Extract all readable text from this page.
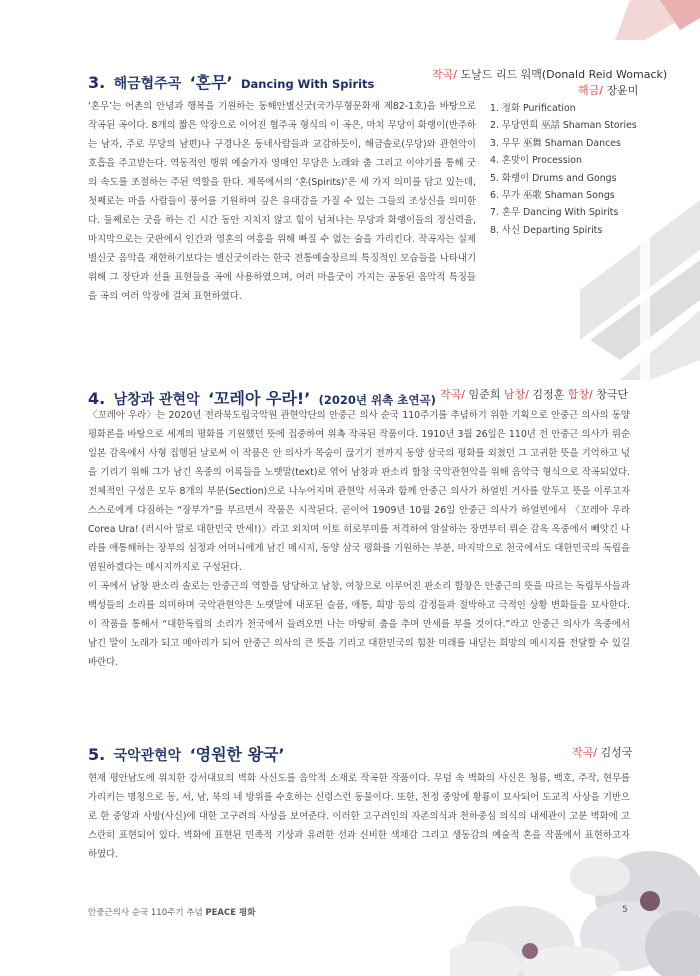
3. 해금협주곡 ‘혼무’ Dancing With Spirits
작곡/ 도날드 리드 워맥(Donald Reid Womack)
해금/ 장윤미

‘혼무’는 어촌의 안녕과 행복을 기원하는 동해안별신굿(국가무형문화재 제82-1호)을 바탕으로 작곡된 곡이다. 8개의 짧은 악장으로 이어진 협주곡 형식의 이 곡은, 마치 무당이 화랭이(반주하는 남자, 주로 무당의 남편)나 구경나온 동네사람들과 교감하듯이, 해금솔로(무당)와 관현악이 호흡을 주고받는다. 역동적인 행위 예술가자 영매인 무당은 노래와 춤 그리고 이야기를 통해 굿의 속도를 조절하는 주된 역할을 한다. 제목에서의 ‘혼(Spirits)’은 세 가지 의미를 담고 있는데, 첫째로는 마을 사람들이 풍어를 기원하며 깊은 유대감을 가질 수 있는 그들의 조상신을 의미한다. 둘째로는 굿을 하는 긴 시간 동안 지치지 않고 힘이 넘쳐나는 무당과 화랭이들의 정신력을, 마지막으로는 굿판에서 인간과 영혼의 여흥을 위해 빠질 수 없는 술을 가리킨다. 작곡자는 실제 별신굿 음악을 재현하기보다는 별신굿이라는 한국 전통예술장르의 특징적인 모습들을 나타내기 위해 그 장단과 선율 표현들을 곡에 사용하였으며, 여러 마을굿이 가지는 공동된 음악적 특징들을 곡의 여러 악장에 걸쳐 표현하였다.

1. 정화 Purification
2. 무당연희 巫話 Shaman Stories
3. 무무 巫舞 Shaman Dances
4. 혼맞이 Procession
5. 화랭이 Drums and Gongs
6. 무가 巫歌 Shaman Songs
7. 혼무 Dancing With Spirits
8. 사신 Departing Spirits
4. 남창과 관현악 ‘꼬레아 우라!’ (2020년 위촉 초연곡) 작곡/ 임준희 남창/ 김정훈 합창/ 창극단

〈꼬레아 우라〉는 2020년 전라북도립국악원 관현악단의 안중근 의사 순국 110주기를 추념하기 위한 기획으로 안중근 의사의 동양평화론을 바탕으로 세계의 평화를 기원했던 뜻에 집중하여 위촉 작곡된 작품이다. 1910년 3월 26일은 110년 전 안중근 의사가 뤼순 일본 감옥에서 사형 집행된 날로써 이 작품은 안 의사가 목숨이 끊기기 전까지 동양 삼국의 평화를 외쳤던 그 고귀한 뜻을 기억하고 넋을 기리기 위해 그가 남긴 옥중의 어록들을 노랫말(text)로 엮어 남창과 판소리 합창 국악관현악을 위해 음악극 형식으로 작곡되었다. 전체적인 구성은 모두 8개의 부분(Section)으로 나누어지며 관현악 서곡과 함께 안중근 의사가 하얼빈 거사를 앞두고 뜻을 이루고자 스스로에게 다짐하는 “장부가”를 부르면서 작품은 시작된다. 곧이어 1909년 10월 26일 안중근 의사가 하얼빈에서 〈꼬레아 우라 Corea Ura! (러시아 말로 대한민국 만세!)〉라고 외치며 이토 히로부미를 저격하여 암살하는 장면부터 뤼순 감옥 옥중에서 빼앗긴 나라를 애통해하는 장부의 심정과 어머니에게 남긴 메시지, 동양 삼국 평화를 기원하는 부분, 마지막으로 천국에서도 대한민국의 독립을 염원하겠다는 메시지까지로 구성된다.

이 곡에서 남창 판소리 솔로는 안중근의 역할을 담당하고 남창, 여창으로 이루어진 판소리 합창은 안중근의 뜻을 따르는 독립투사들과 백성들의 소리를 의미하며 국악관현악은 노랫말에 내포된 슬픔, 애통, 희망 등의 감정들과 절박하고 극적인 상황 변화들을 묘사한다. 이 작품을 통해서 “대한독립의 소리가 천국에서 들려오면 나는 마땅히 춤을 추며 만세를 부를 것이다.”라고 안중근 의사가 옥중에서 남긴 말이 노래가 되고 메아리가 되어 안중근 의사의 큰 뜻을 기리고 대한민국의 힘찬 미래를 내딛는 희망의 메시지를 전달할 수 있길 바란다.

5. 국악관현악 ‘영원한 왕국’	작곡/ 김성국

현재 평안남도에 위치한 강서대묘의 벽화 사신도를 음악적 소재로 작곡한 작품이다. 무덤 속 벽화의 사신은 청룡, 백호, 주작, 현무를 가리키는 명칭으로 동, 서, 남, 북의 네 방위를 수호하는 신령스런 동물이다. 또한, 천정 중앙에 황룡이 묘사되어 도교적 사상을 기반으로 한 중앙과 사방(사신)에 대한 고구려의 사상을 보여준다. 이러한 고구려인의 자존의식과 천하중심 의식의 내세관이 고분 벽화에 고스란히 표현되어 있다. 벽화에 표현된 민족적 기상과 유려한 선과 신비한 색채감 그리고 생동감의 예술적 혼을 작품에서 표현하고자 하였다.

안중근의사 순국 110주기 추념 PEACE 평화	5
